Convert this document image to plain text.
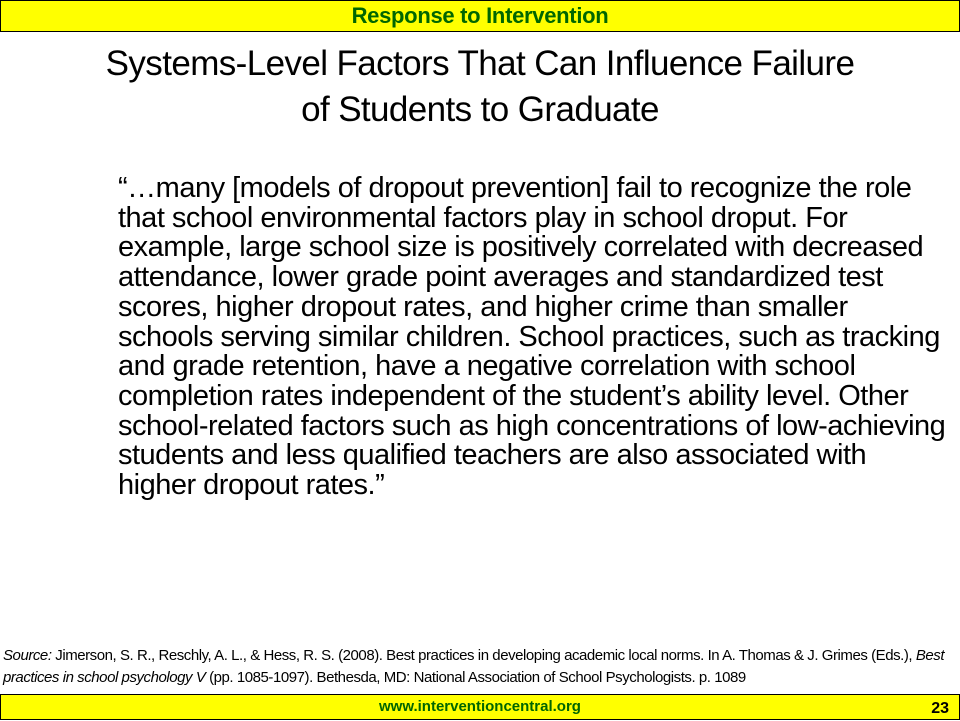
Response to Intervention
Systems-Level Factors That Can Influence Failure
of Students to Graduate

“…many [models of dropout prevention] fail to recognize the role that school environmental factors play in school droput. For example, large school size is positively correlated with decreased attendance, lower grade point averages and standardized test scores, higher dropout rates, and higher crime than smaller schools serving similar children. School practices, such as tracking and grade retention, have a negative correlation with school completion rates independent of the student’s ability level. Other school-related factors such as high concentrations of low-achieving students and less qualified teachers are also associated with higher dropout rates.”

Source: Jimerson, S. R., Reschly, A. L., & Hess, R. S. (2008). Best practices in developing academic local norms. In A. Thomas & J. Grimes (Eds.), Best practices in school psychology V (pp. 1085-1097). Bethesda, MD: National Association of School Psychologists. p. 1089

www.interventioncentral.org	23
